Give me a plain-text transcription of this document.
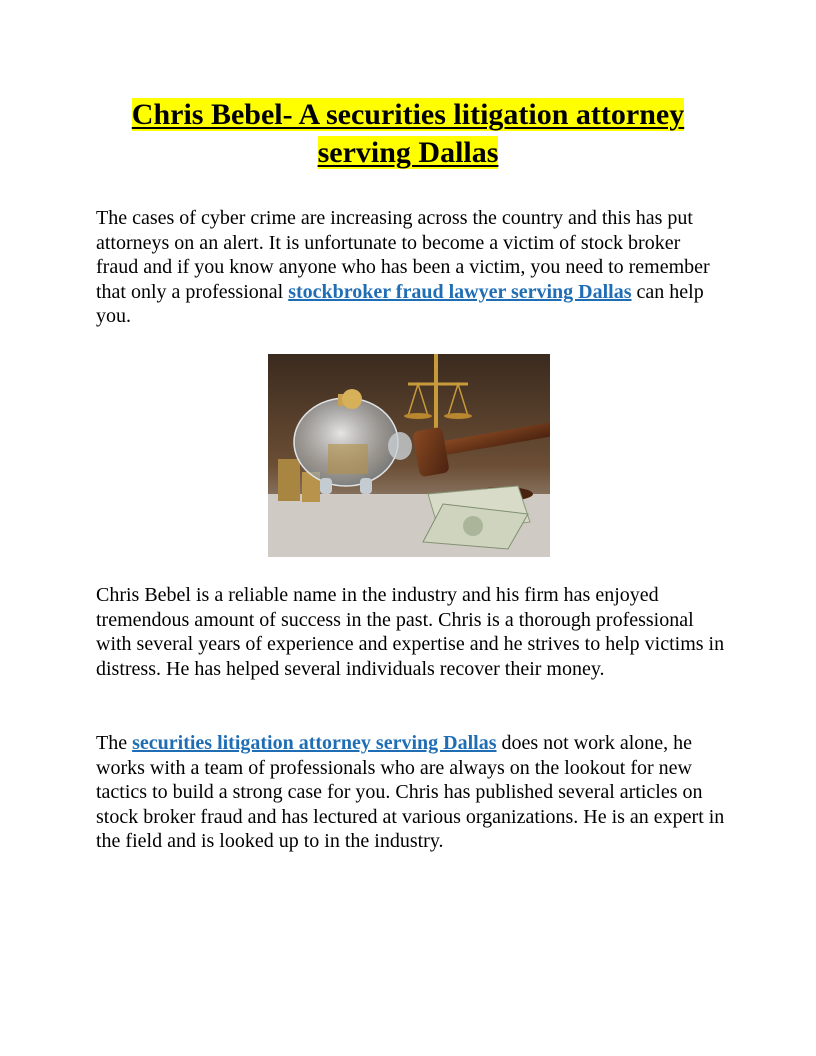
Chris Bebel- A securities litigation attorney
serving Dallas

The cases of cyber crime are increasing across the country and this has put attorneys on an alert. It is unfortunate to become a victim of stock broker fraud and if you know anyone who has been a victim, you need to remember that only a professional stockbroker fraud lawyer serving Dallas can help you.

Chris Bebel is a reliable name in the industry and his firm has enjoyed tremendous amount of success in the past. Chris is a thorough professional with several years of experience and expertise and he strives to help victims in distress. He has helped several individuals recover their money.

The securities litigation attorney serving Dallas does not work alone, he works with a team of professionals who are always on the lookout for new tactics to build a strong case for you. Chris has published several articles on stock broker fraud and has lectured at various organizations. He is an expert in the field and is looked up to in the industry.
